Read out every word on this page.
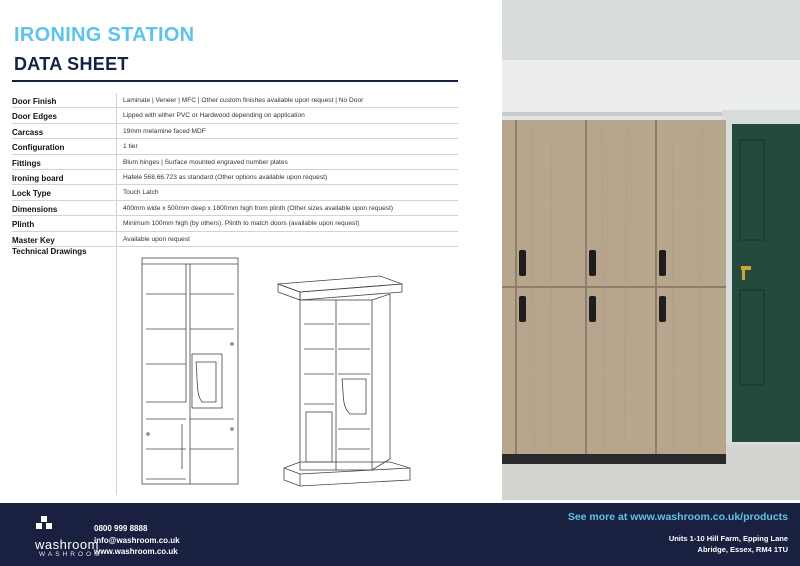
IRONING STATION
DATA SHEET
Door Finish	Laminate | Veneer | MFC | Other custom finishes available upon request | No Door
Door Edges	Lipped with either PVC or Hardwood depending on application
Carcass	19mm melamine faced MDF
Configuration	1 tier
Fittings	Blum hinges | Surface mounted engraved number plates
Ironing board	Hafele 568.66.723 as standard (Other options available upon request)
Lock Type	Touch Latch
Dimensions	400mm wide x 500mm deep x 1800mm high from plinth (Other sizes available upon request)
Plinth	Minimum 100mm high (by others). Plinth to match doors (available upon request)
Master Key	Available upon request
Technical Drawings
washroom
WASHROOM
0800 999 8888
info@washroom.co.uk
www.washroom.co.uk
See more at www.washroom.co.uk/products
Units 1-10 Hill Farm, Epping Lane
Abridge, Essex, RM4 1TU
